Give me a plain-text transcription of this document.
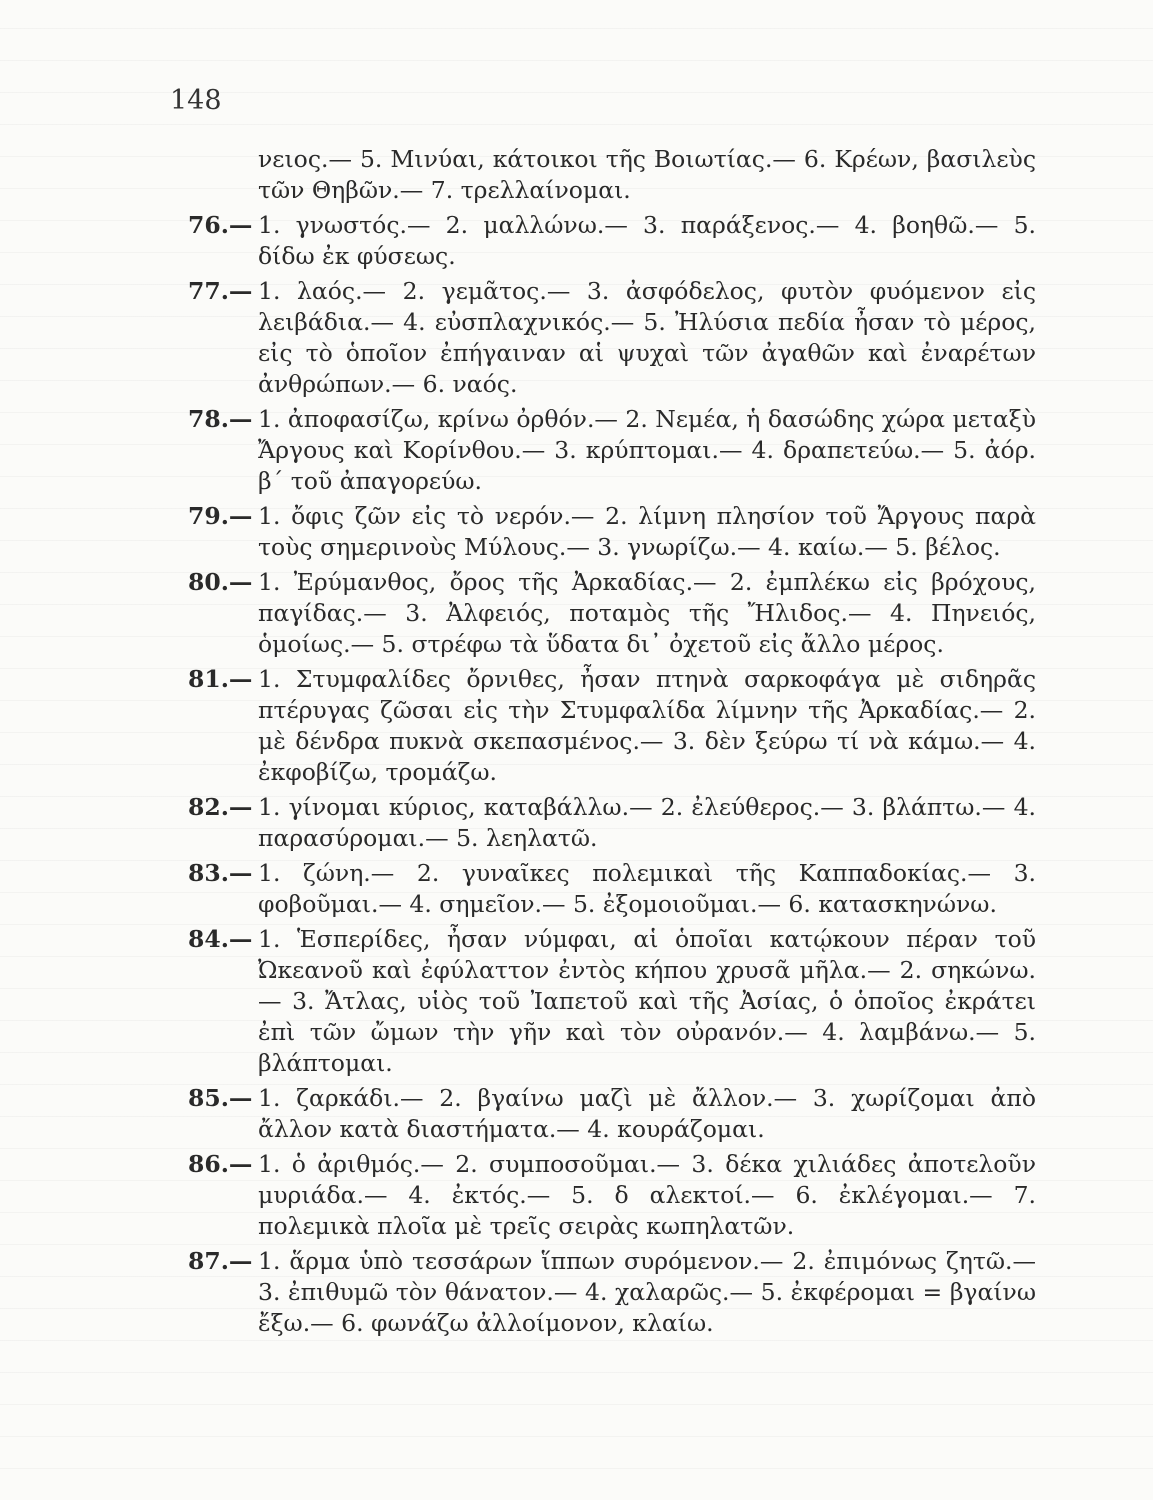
148

νειος.— 5. Μινύαι, κάτοικοι τῆς Βοιωτίας.— 6. Κρέων, βασιλεὺς τῶν Θηβῶν.— 7. τρελλαίνομαι.

76.— 1. γνωστός.— 2. μαλλώνω.— 3. παράξενος.— 4. βοηθῶ.— 5. δίδω ἐκ φύσεως.

77.— 1. λαός.— 2. γεμᾶτος.— 3. ἀσφόδελος, φυτὸν φυόμενον εἰς λειβάδια.— 4. εὐσπλαχνικός.— 5. Ἠλύσια πεδία ἦσαν τὸ μέρος, εἰς τὸ ὁποῖον ἐπήγαιναν αἱ ψυχαὶ τῶν ἀγαθῶν καὶ ἐναρέτων ἀνθρώπων.— 6. ναός.

78.— 1. ἀποφασίζω, κρίνω ὀρθόν.— 2. Νεμέα, ἡ δασώδης χώρα μεταξὺ Ἄργους καὶ Κορίνθου.— 3. κρύπτομαι.— 4. δραπετεύω.— 5. ἀόρ. β΄ τοῦ ἀπαγορεύω.

79.— 1. ὄφις ζῶν εἰς τὸ νερόν.— 2. λίμνη πλησίον τοῦ Ἄργους παρὰ τοὺς σημερινοὺς Μύλους.— 3. γνωρίζω.— 4. καίω.— 5. βέλος.

80.— 1. Ἐρύμανθος, ὄρος τῆς Ἀρκαδίας.— 2. ἐμπλέκω εἰς βρόχους, παγίδας.— 3. Ἀλφειός, ποταμὸς τῆς Ἤλιδος.— 4. Πηνειός, ὁμοίως.— 5. στρέφω τὰ ὕδατα δι᾽ ὀχετοῦ εἰς ἄλλο μέρος.

81.— 1. Στυμφαλίδες ὄρνιθες, ἦσαν πτηνὰ σαρκοφάγα μὲ σιδηρᾶς πτέρυγας ζῶσαι εἰς τὴν Στυμφαλίδα λίμνην τῆς Ἀρκαδίας.— 2. μὲ δένδρα πυκνὰ σκεπασμένος.— 3. δὲν ξεύρω τί νὰ κάμω.— 4. ἐκφοβίζω, τρομάζω.

82.— 1. γίνομαι κύριος, καταβάλλω.— 2. ἐλεύθερος.— 3. βλάπτω.— 4. παρασύρομαι.— 5. λεηλατῶ.

83.— 1. ζώνη.— 2. γυναῖκες πολεμικαὶ τῆς Καππαδοκίας.— 3. φοβοῦμαι.— 4. σημεῖον.— 5. ἐξομοιοῦμαι.— 6. κατασκηνώνω.

84.— 1. Ἑσπερίδες, ἦσαν νύμφαι, αἱ ὁποῖαι κατῴκουν πέραν τοῦ Ὠκεανοῦ καὶ ἐφύλαττον ἐντὸς κήπου χρυσᾶ μῆλα.— 2. σηκώνω.— 3. Ἄτλας, υἱὸς τοῦ Ἰαπετοῦ καὶ τῆς Ἀσίας, ὁ ὁποῖος ἐκράτει ἐπὶ τῶν ὤμων τὴν γῆν καὶ τὸν οὐρανόν.— 4. λαμβάνω.— 5. βλάπτομαι.

85.— 1. ζαρκάδι.— 2. βγαίνω μαζὶ μὲ ἄλλον.— 3. χωρίζομαι ἀπὸ ἄλλον κατὰ διαστήματα.— 4. κουράζομαι.

86.— 1. ὁ ἀριθμός.— 2. συμποσοῦμαι.— 3. δέκα χιλιάδες ἀποτελοῦν μυριάδα.— 4. ἐκτός.— 5. δ αλεκτοί.— 6. ἐκλέγομαι.— 7. πολεμικὰ πλοῖα μὲ τρεῖς σειρὰς κωπηλατῶν.

87.— 1. ἅρμα ὑπὸ τεσσάρων ἵππων συρόμενον.— 2. ἐπιμόνως ζητῶ.— 3. ἐπιθυμῶ τὸν θάνατον.— 4. χαλαρῶς.— 5. ἐκφέρομαι = βγαίνω ἔξω.— 6. φωνάζω ἀλλοίμονον, κλαίω.
